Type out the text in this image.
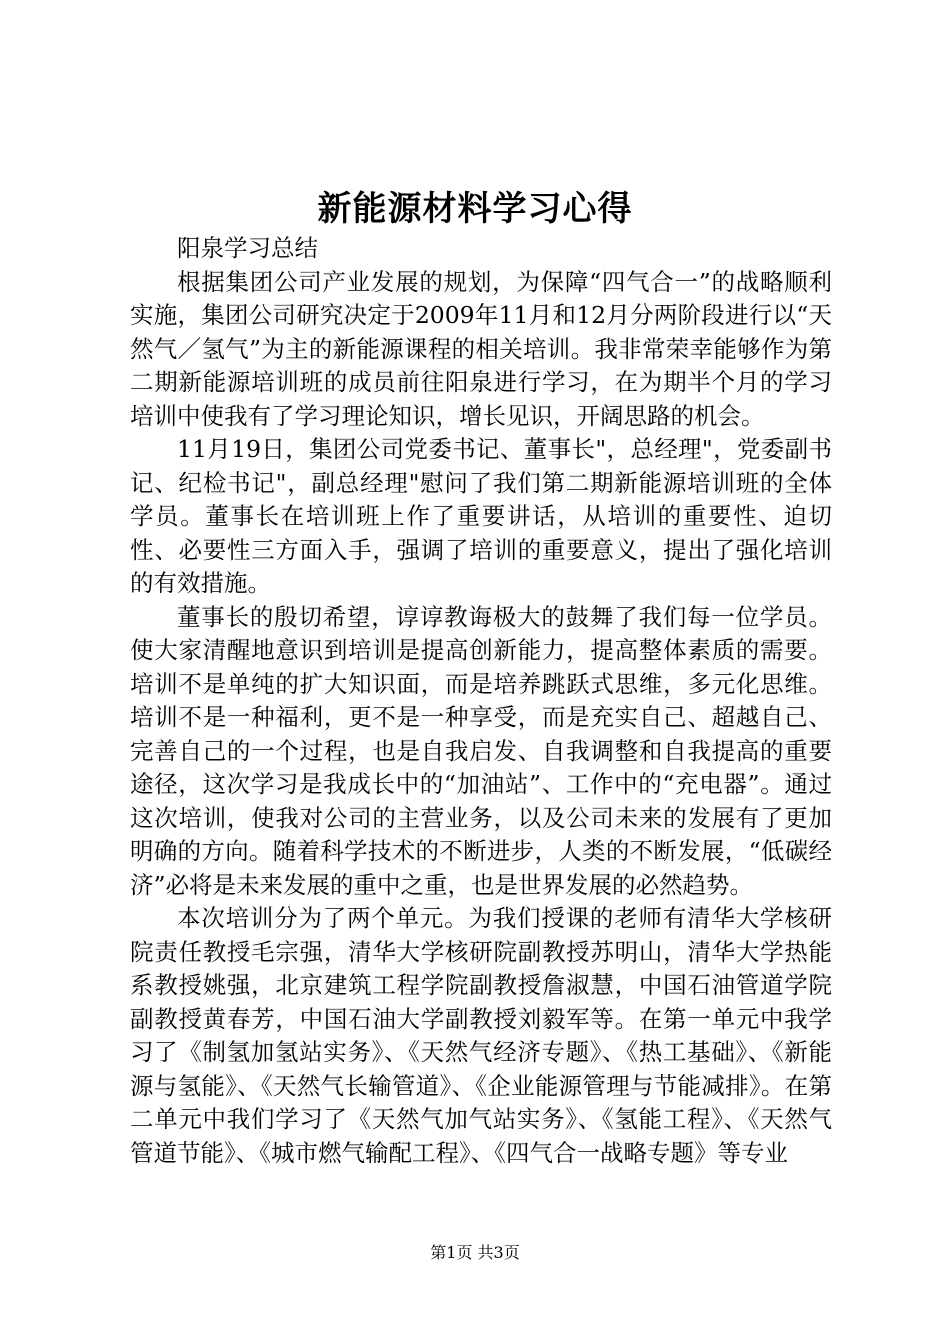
新能源材料学习心得

阳泉学习总结

根据集团公司产业发展的规划，为保障“四气合一”的战略顺利实施，集团公司研究决定于2009年11月和12月分两阶段进行以“天然气／氢气”为主的新能源课程的相关培训。我非常荣幸能够作为第二期新能源培训班的成员前往阳泉进行学习，在为期半个月的学习培训中使我有了学习理论知识，增长见识，开阔思路的机会。

11月19日，集团公司党委书记、董事长"，总经理"，党委副书记、纪检书记"，副总经理"慰问了我们第二期新能源培训班的全体学员。董事长在培训班上作了重要讲话，从培训的重要性、迫切性、必要性三方面入手，强调了培训的重要意义，提出了强化培训的有效措施。

董事长的殷切希望，谆谆教诲极大的鼓舞了我们每一位学员。使大家清醒地意识到培训是提高创新能力，提高整体素质的需要。培训不是单纯的扩大知识面，而是培养跳跃式思维，多元化思维。培训不是一种福利，更不是一种享受，而是充实自己、超越自己、完善自己的一个过程，也是自我启发、自我调整和自我提高的重要途径，这次学习是我成长中的“加油站”、工作中的“充电器”。通过这次培训，使我对公司的主营业务，以及公司未来的发展有了更加明确的方向。随着科学技术的不断进步，人类的不断发展，“低碳经济”必将是未来发展的重中之重，也是世界发展的必然趋势。

本次培训分为了两个单元。为我们授课的老师有清华大学核研院责任教授毛宗强，清华大学核研院副教授苏明山，清华大学热能系教授姚强，北京建筑工程学院副教授詹淑慧，中国石油管道学院副教授黄春芳，中国石油大学副教授刘毅军等。在第一单元中我学习了《制氢加氢站实务》、《天然气经济专题》、《热工基础》、《新能源与氢能》、《天然气长输管道》、《企业能源管理与节能减排》。在第二单元中我们学习了《天然气加气站实务》、《氢能工程》、《天然气管道节能》、《城市燃气输配工程》、《四气合一战略专题》等专业

第1页 共3页
